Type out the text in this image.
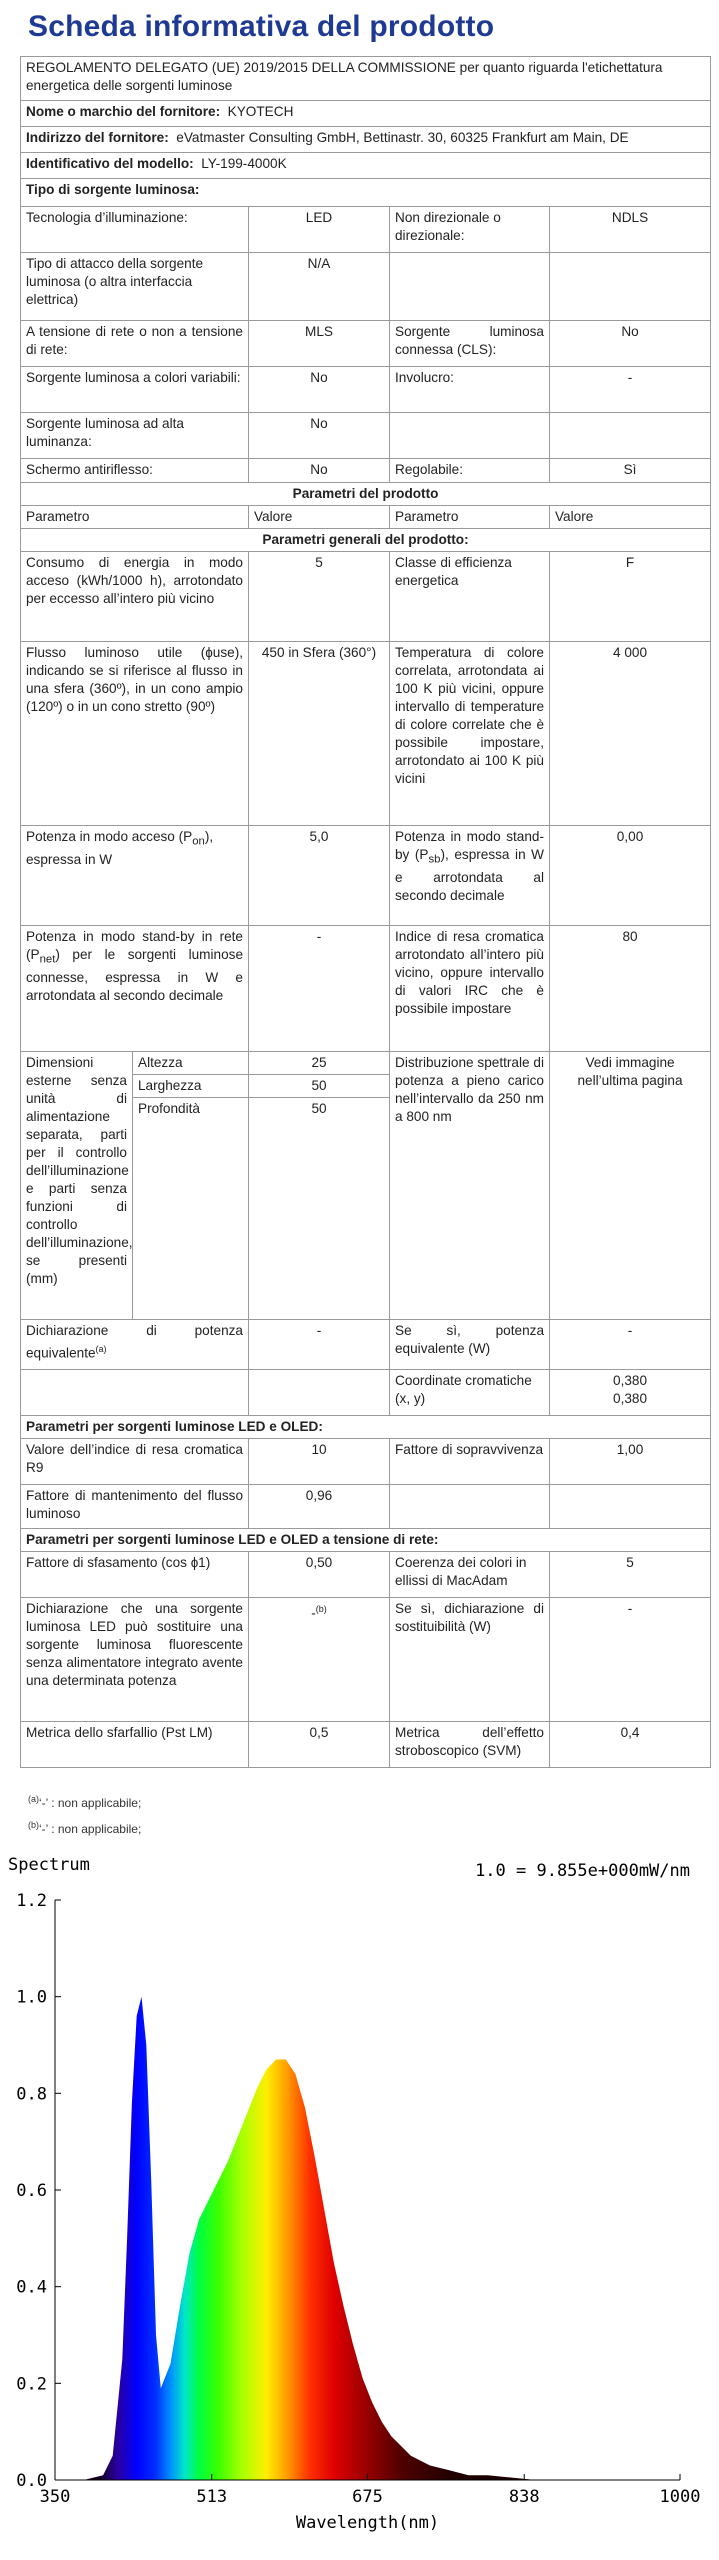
Scheda informativa del prodotto
REGOLAMENTO DELEGATO (UE) 2019/2015 DELLA COMMISSIONE per quanto riguarda l'etichettatura energetica delle sorgenti luminose				
Nome o marchio del fornitore: KYOTECH				
Indirizzo del fornitore: eVatmaster Consulting GmbH, Bettinastr. 30, 60325 Frankfurt am Main, DE				
Identificativo del modello: LY-199-4000K				
Tipo di sorgente luminosa:				
Tecnologia d’illuminazione:		LED	Non direzionale o direzionale:	NDLS
Tipo di attacco della sorgente luminosa (o altra interfaccia elettrica)		N/A		
A tensione di rete o non a tensione di rete:		MLS	Sorgente luminosa connessa (CLS):	No
Sorgente luminosa a colori variabili:		No	Involucro:	-
Sorgente luminosa ad alta luminanza:		No		
Schermo antiriflesso:		No	Regolabile:	Sì
Parametri del prodotto				
Parametro		Valore	Parametro	Valore
Parametri generali del prodotto:				
Consumo di energia in modo acceso (kWh/1000 h), arrotondato per eccesso all’intero più vicino		5	Classe di efficienza energetica	F
Flusso luminoso utile (ɸuse), indicando se si riferisce al flusso in una sfera (360º), in un cono ampio (120º) o in un cono stretto (90º)		450 in Sfera (360°)	Temperatura di colore correlata, arrotondata ai 100 K più vicini, oppure intervallo di temperature di colore correlate che è possibile impostare, arrotondato ai 100 K più vicini	4 000
Potenza in modo acceso $(P_{on})$, espressa in W		5,0	Potenza in modo stand-by $(P_{sb})$, espressa in W e arrotondata al secondo decimale	0,00
Potenza in modo stand-by in rete $(P_{net})$ per le sorgenti luminose connesse, espressa in W e arrotondata al secondo decimale		-	Indice di resa cromatica arrotondato all’intero più vicino, oppure intervallo di valori IRC che è possibile impostare	80
Dimensioni esterne senza unità di alimentazione separata, parti per il controllo dell’illuminazione e parti senza funzioni di controllo dell’illuminazione, se presenti (mm)	Altezza	25	Distribuzione spettrale di potenza a pieno carico nell’intervallo da 250 nm a 800 nm	Vedi immagine nell’ultima pagina
	Larghezza	50		
	Profondità	50		
Dichiarazione di potenza equivalente$^{(a)}$		-	Se sì, potenza equivalente (W)	-
			Coordinate cromatiche (x, y)	0,380
0,380

Parametri per sorgenti luminose LED e OLED:				
Valore dell’indice di resa cromatica R9		10	Fattore di sopravvivenza	1,00
Fattore di mantenimento del flusso luminoso		0,96		
Parametri per sorgenti luminose LED e OLED a tensione di rete:				
Fattore di sfasamento (cos ɸ1)		0,50	Coerenza dei colori in ellissi di MacAdam	5
Dichiarazione che una sorgente luminosa LED può sostituire una sorgente luminosa fluorescente senza alimentatore integrato avente una determinata potenza		-$^{(b)}$	Se sì, dichiarazione di sostituibilità (W)	-
Metrica dello sfarfallio (Pst LM)		0,5	Metrica dell’effetto stroboscopico (SVM)	0,4
$^{(a)}$‘-’ : non applicabile;
$^{(b)}$‘-’ : non applicabile;
0.0
0.2
0.4
0.6
0.8
1.0
1.2
350	513	675	838	1000
Spectrum	1.0 = 9.855e+000mW/nm
Wavelength(nm)
